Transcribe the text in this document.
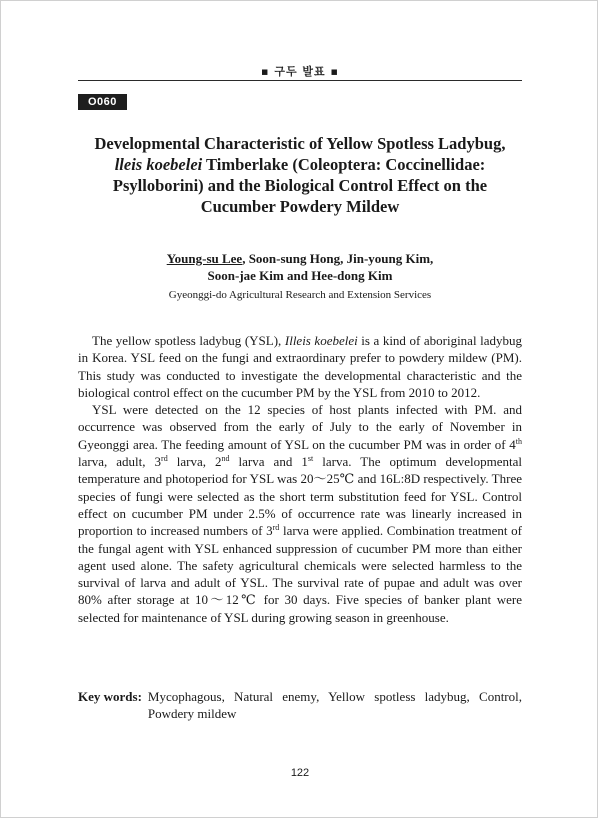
▪ 구두 발표 ▪
O060
Developmental Characteristic of Yellow Spotless Ladybug,
lleis koebelei Timberlake (Coleoptera: Coccinellidae:
Psylloborini) and the Biological Control Effect on the
Cucumber Powdery Mildew
Young-su Lee, Soon-sung Hong, Jin-young Kim,
Soon-jae Kim and Hee-dong Kim
Gyeonggi-do Agricultural Research and Extension Services

The yellow spotless ladybug (YSL), Illeis koebelei is a kind of aboriginal ladybug in Korea. YSL feed on the fungi and extraordinary prefer to powdery mildew (PM). This study was conducted to investigate the developmental characteristic and the biological control effect on the cucumber PM by the YSL from 2010 to 2012.

YSL were detected on the 12 species of host plants infected with PM. and occurrence was observed from the early of July to the early of November in Gyeonggi area. The feeding amount of YSL on the cucumber PM was in order of 4th larva, adult, 3rd larva, 2nd larva and 1st larva. The optimum developmental temperature and photoperiod for YSL was 20～25℃ and 16L:8D respectively. Three species of fungi were selected as the short term substitution feed for YSL. Control effect on cucumber PM under 2.5% of occurrence rate was linearly increased in proportion to increased numbers of 3rd larva were applied. Combination treatment of the fungal agent with YSL enhanced suppression of cucumber PM more than either agent used alone. The safety agricultural chemicals were selected harmless to the survival of larva and adult of YSL. The survival rate of pupae and adult was over 80% after storage at 10～12℃ for 30 days. Five species of banker plant were selected for maintenance of YSL during growing season in greenhouse.

Key words: Mycophagous, Natural enemy, Yellow spotless ladybug, Control, Powdery mildew
122
